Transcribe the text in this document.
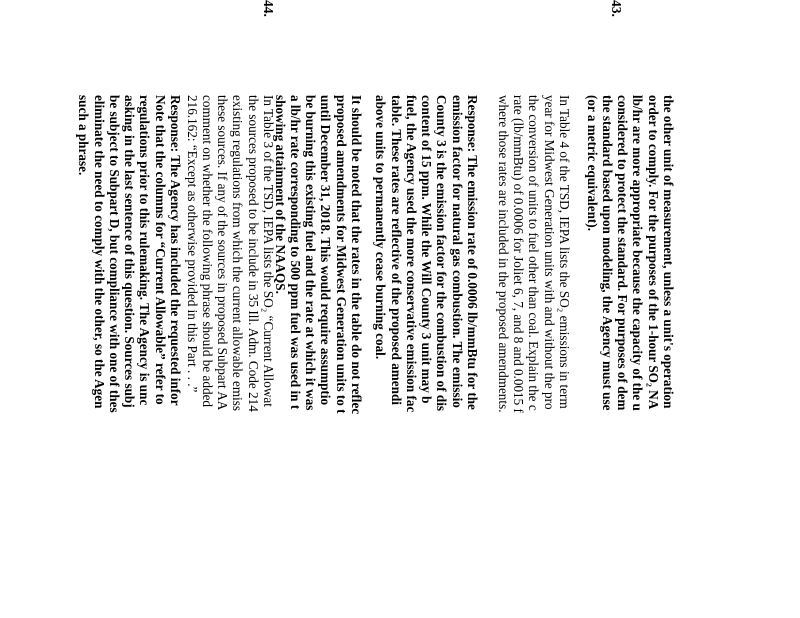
43.
the other unit of measurement, unless a unit's operation
order to comply. For the purposes of the 1-hour SO₂ NA
lb/hr are more appropriate because the capacity of the u
considered to protect the standard. For purposes of dem
the standard based upon modeling, the Agency must use
(or a metric equivalent).
In Table 4 of the TSD, IEPA lists the SO₂ emissions in term
year for Midwest Generation units with and without the pro
the conversion of units to fuel other than coal. Explain the c
rate (lb/mmBtu) of 0.0006 for Joliet 6, 7, and 8 and 0.0015 f
where those rates are included in the proposed amendments.
Response: The emission rate of 0.0006 lb/mmBtu for the
emission factor for natural gas combustion. The emissio
County 3 is the emission factor for the combustion of dis
content of 15 ppm. While the Will County 3 unit may b
fuel, the Agency used the more conservative emission fac
table. These rates are reflective of the proposed amendi
above units to permanently cease burning coal.
It should be noted that the rates in the table do not reflec
proposed amendments for Midwest Generation units to t
until December 31, 2018. This would require assumptio
be burning this existing fuel and the rate at which it was
a lb/hr rate corresponding to 500 ppm fuel was used in t
showing attainment of the NAAQS.
44.
In Table 3 of the TSD, IEPA lists the SO₂ “Current Allowat
the sources proposed to be include in 35 Ill. Adm. Code 214
existing regulations from which the current allowable emiss
these sources. If any of the sources in proposed Subpart AA
comment on whether the following phrase should be added
216.162: “Except as otherwise provided in this Part . . .”
Response: The Agency has included the requested infor
Note that the columns for “Current Allowable” refer to
regulations prior to this rulemaking. The Agency is unc
asking in the last sentence of this question. Sources subj
be subject to Subpart D, but compliance with one of thes
eliminate the need to comply with the other, so the Agen
such a phrase.
